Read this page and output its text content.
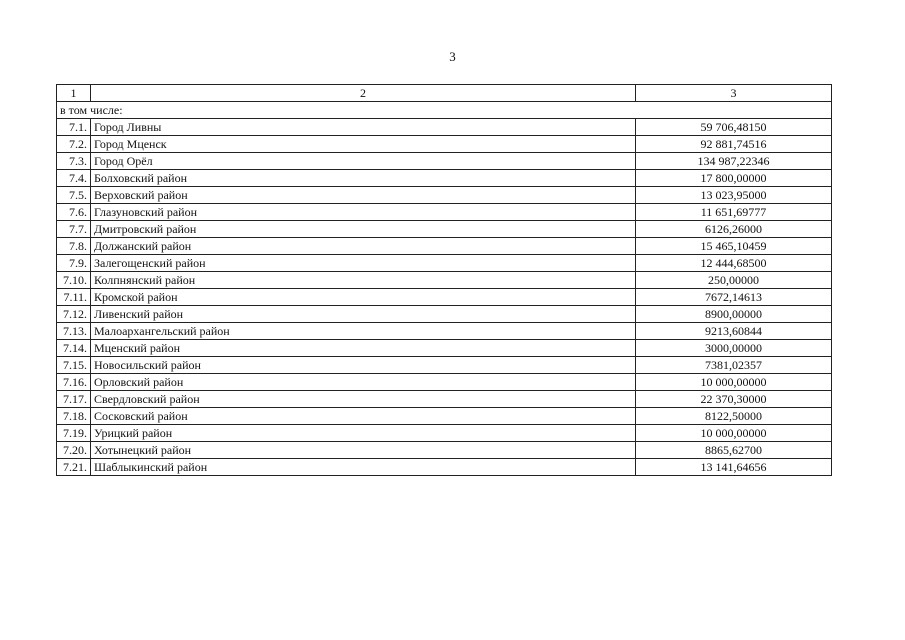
3
1	2	3
в том числе:		
7.1.	Город Ливны	59 706,48150
7.2.	Город Мценск	92 881,74516
7.3.	Город Орёл	134 987,22346
7.4.	Болховский район	17 800,00000
7.5.	Верховский район	13 023,95000
7.6.	Глазуновский район	11 651,69777
7.7.	Дмитровский район	6126,26000
7.8.	Должанский район	15 465,10459
7.9.	Залегощенский район	12 444,68500
7.10.	Колпнянский район	250,00000
7.11.	Кромской район	7672,14613
7.12.	Ливенский район	8900,00000
7.13.	Малоархангельский район	9213,60844
7.14.	Мценский район	3000,00000
7.15.	Новосильский район	7381,02357
7.16.	Орловский район	10 000,00000
7.17.	Свердловский район	22 370,30000
7.18.	Сосковский район	8122,50000
7.19.	Урицкий район	10 000,00000
7.20.	Хотынецкий район	8865,62700
7.21.	Шаблыкинский район	13 141,64656
